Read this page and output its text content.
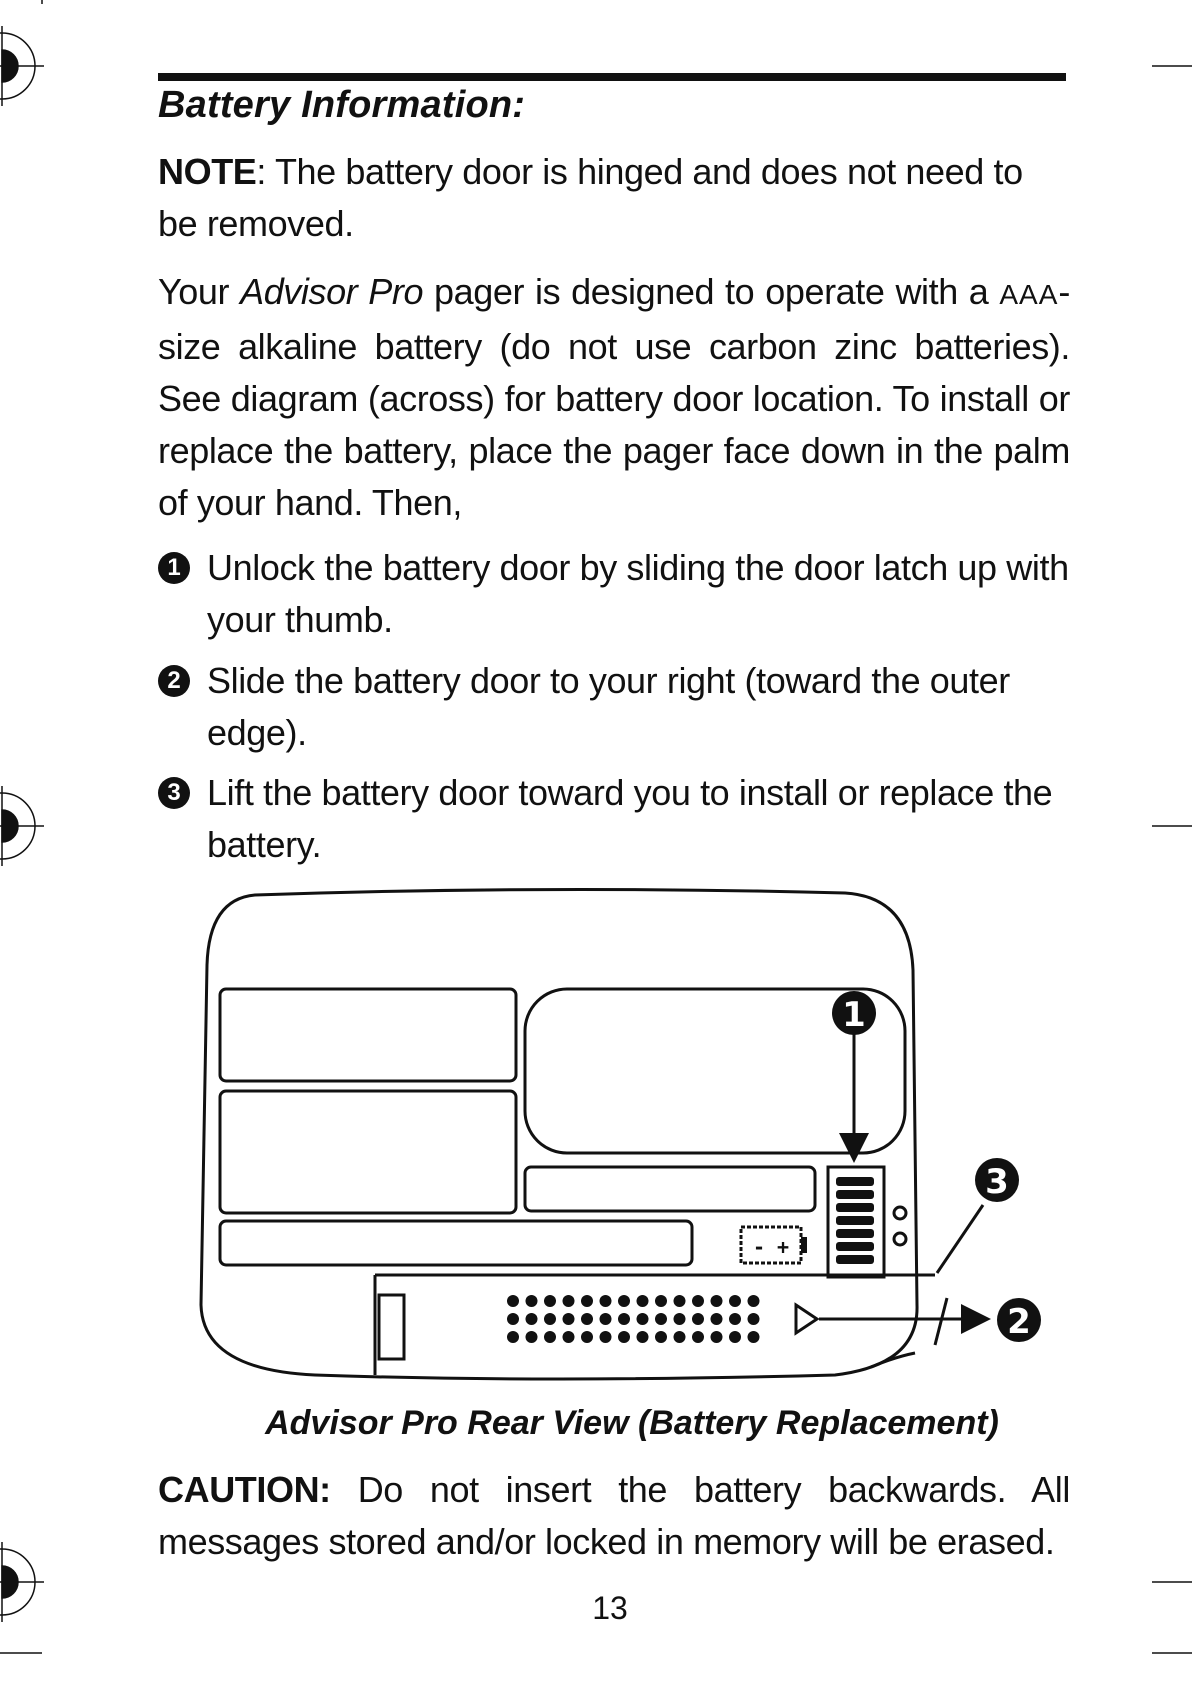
Battery Information:

NOTE: The battery door is hinged and does not need to be removed.

Your Advisor Pro pager is designed to operate with a AAA-size alkaline battery (do not use carbon zinc batteries). See diagram (across) for battery door location. To install or replace the battery, place the pager face down in the palm of your hand. Then,

1 Unlock the battery door by sliding the door latch up with your thumb.

2 Slide the battery door to your right (toward the outer edge).

3 Lift the battery door toward you to install or replace the battery.

- +
1
2
3

Advisor Pro Rear View (Battery Replacement)

CAUTION: Do not insert the battery backwards. All messages stored and/or locked in memory will be erased.

13
